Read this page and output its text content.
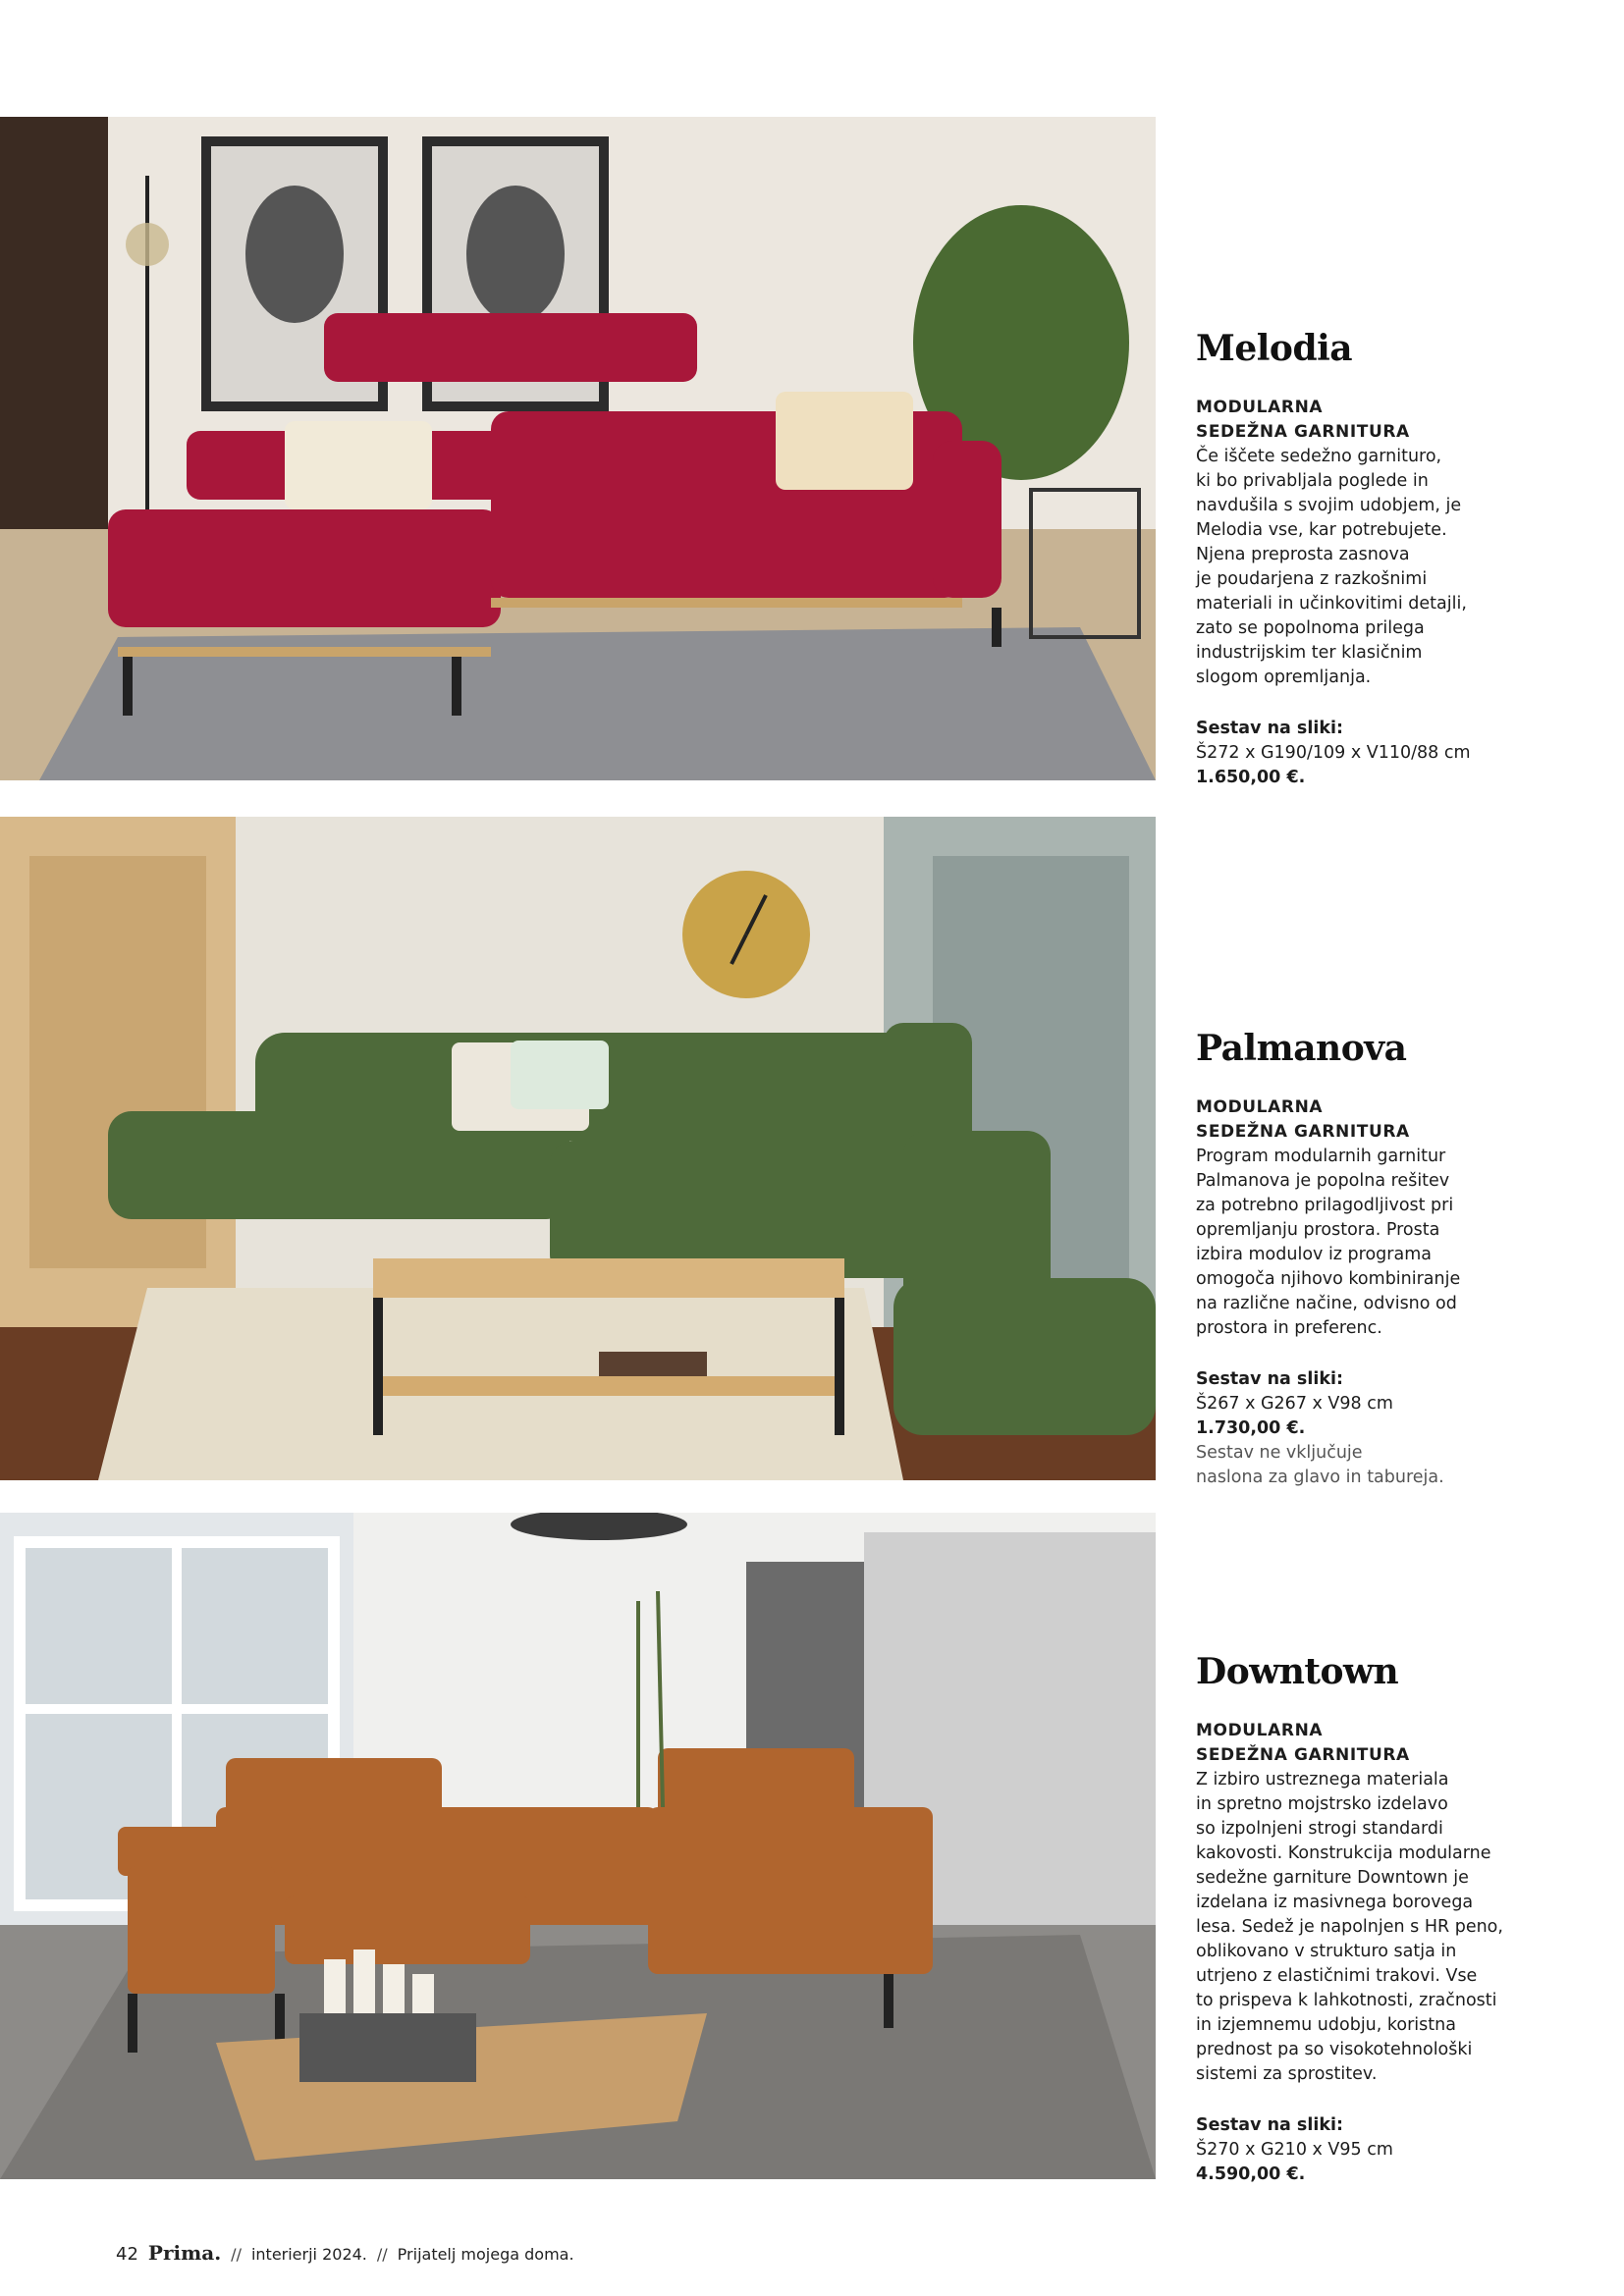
Melodia
MODULARNA
SEDEŽNA GARNITURA
Če iščete sedežno garnituro,
ki bo privabljala poglede in
navdušila s svojim udobjem, je
Melodia vse, kar potrebujete.
Njena preprosta zasnova
je poudarjena z razkošnimi
materiali in učinkovitimi detajli,
zato se popolnoma prilega
industrijskim ter klasičnim
slogom opremljanja.
Sestav na sliki:
Š272 x G190/109 x V110/88 cm
1.650,00 €.
Palmanova
MODULARNA
SEDEŽNA GARNITURA
Program modularnih garnitur
Palmanova je popolna rešitev
za potrebno prilagodljivost pri
opremljanju prostora. Prosta
izbira modulov iz programa
omogoča njihovo kombiniranje
na različne načine, odvisno od
prostora in preferenc.
Sestav na sliki:
Š267 x G267 x V98 cm
1.730,00 €.
Sestav ne vključuje
naslona za glavo in tabureja.
Downtown
MODULARNA
SEDEŽNA GARNITURA
Z izbiro ustreznega materiala
in spretno mojstrsko izdelavo
so izpolnjeni strogi standardi
kakovosti. Konstrukcija modularne
sedežne garniture Downtown je
izdelana iz masivnega borovega
lesa. Sedež je napolnjen s HR peno,
oblikovano v strukturo satja in
utrjeno z elastičnimi trakovi. Vse
to prispeva k lahkotnosti, zračnosti
in izjemnemu udobju, koristna
prednost pa so visokotehnološki
sistemi za sprostitev.
Sestav na sliki:
Š270 x G210 x V95 cm
4.590,00 €.
42 Prima. // interierji 2024. // Prijatelj mojega doma.
